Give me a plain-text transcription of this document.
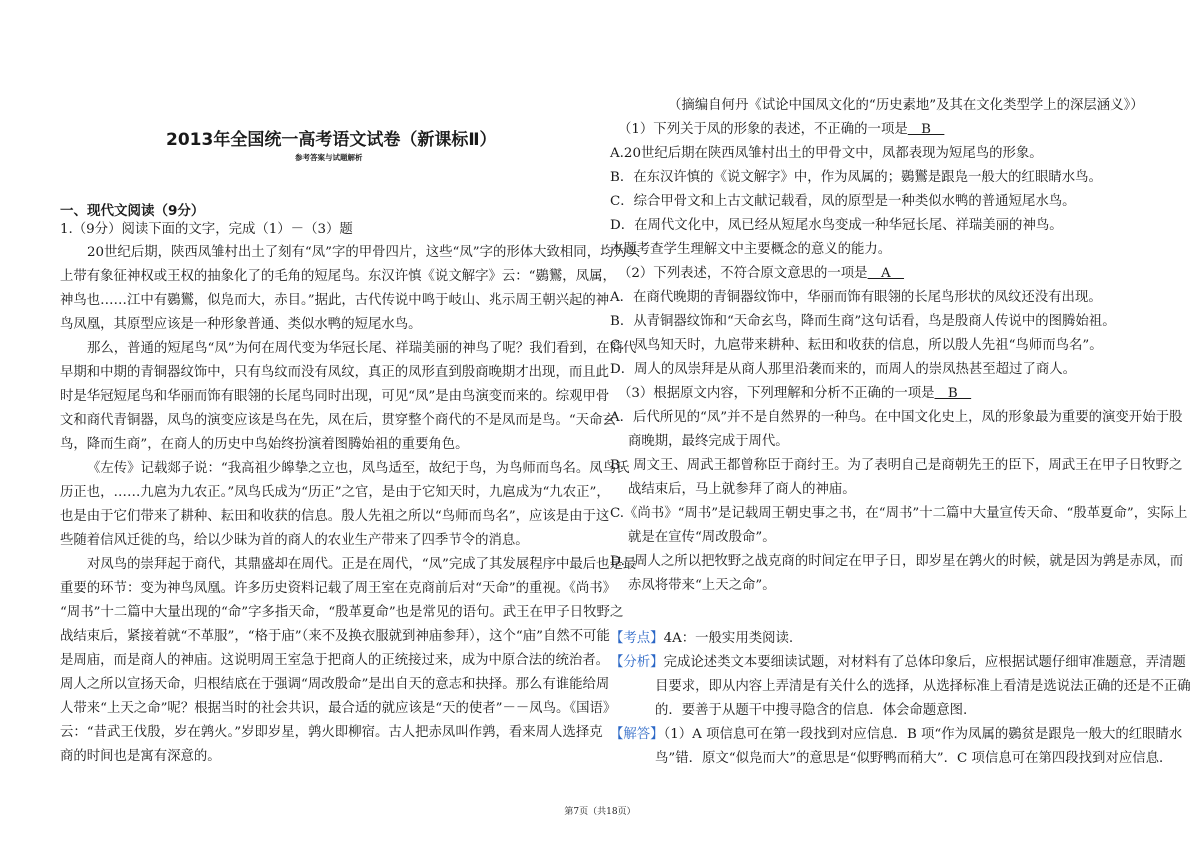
2013年全国统一高考语文试卷（新课标Ⅱ）
参考答案与试题解析
一、现代文阅读（9分）
1.（9分）阅读下面的文字，完成（1）－（3）题
20世纪后期，陕西凤雏村出土了刻有“凤”字的甲骨四片，这些“凤”字的形体大致相同，均为头
上带有象征神权或王权的抽象化了的毛角的短尾鸟。东汉许慎《说文解字》云：“鷃鸑，凤属，
神鸟也……江中有鷃鸑，似凫而大，赤目。”据此，古代传说中鸣于岐山、兆示周王朝兴起的神
鸟凤凰，其原型应该是一种形象普通、类似水鸭的短尾水鸟。
那么，普通的短尾鸟“凤”为何在周代变为华冠长尾、祥瑞美丽的神鸟了呢？我们看到，在商代
早期和中期的青铜器纹饰中，只有鸟纹而没有凤纹，真正的凤形直到殷商晚期才出现，而且此
时是华冠短尾鸟和华丽而饰有眼翎的长尾鸟同时出现，可见“凤”是由鸟演变而来的。综观甲骨
文和商代青铜器，凤鸟的演变应该是鸟在先，凤在后，贯穿整个商代的不是凤而是鸟。“天命玄
鸟，降而生商”，在商人的历史中鸟始终扮演着图腾始祖的重要角色。
《左传》记载郯子说：“我高祖少皞挚之立也，凤鸟适至，故纪于鸟，为鸟师而鸟名。凤鸟氏
历正也，……九扈为九农正。”凤鸟氏成为“历正”之官，是由于它知天时，九扈成为“九农正”，
也是由于它们带来了耕种、耘田和收获的信息。殷人先祖之所以“鸟师而鸟名”，应该是由于这
些随着信风迁徙的鸟，给以少昧为首的商人的农业生产带来了四季节令的消息。
对凤鸟的崇拜起于商代，其鼎盛却在周代。正是在周代，“凤”完成了其发展程序中最后也是最
重要的环节：变为神鸟凤凰。许多历史资料记载了周王室在克商前后对“天命”的重视。《尚书》
“周书”十二篇中大量出现的“命”字多指天命，“殷革夏命”也是常见的语句。武王在甲子日牧野之
战结束后，紧接着就“不革服”，“格于庙”（来不及换衣服就到神庙参拜），这个“庙”自然不可能
是周庙，而是商人的神庙。这说明周王室急于把商人的正统接过来，成为中原合法的统治者。
周人之所以宣扬天命，归根结底在于强调“周改殷命”是出自天的意志和抉择。那么有谁能给周
人带来“上天之命”呢？根据当时的社会共识，最合适的就应该是“天的使者”－－凤鸟。《国语》
云：“昔武王伐殷，岁在鹑火。”岁即岁星，鹑火即柳宿。古人把赤凤叫作鹑，看来周人选择克
商的时间也是寓有深意的。
（摘编自何丹《试论中国凤文化的“历史素地”及其在文化类型学上的深层涵义》）
（1）下列关于凤的形象的表述，不正确的一项是　B　
A.20世纪后期在陕西凤雏村出土的甲骨文中，凤都表现为短尾鸟的形象。
B．在东汉许慎的《说文解字》中，作为凤属的；鷃鸑是跟凫一般大的红眼睛水鸟。
C．综合甲骨文和上古文献记载看，凤的原型是一种类似水鸭的普通短尾水鸟。
D．在周代文化中，凤已经从短尾水鸟变成一种华冠长尾、祥瑞美丽的神鸟。
本题考查学生理解文中主要概念的意义的能力。
（2）下列表述，不符合原文意思的一项是　A　
A．在商代晚期的青铜器纹饰中，华丽而饰有眼翎的长尾鸟形状的凤纹还没有出现。
B．从青铜器纹饰和“天命玄鸟，降而生商”这句话看，鸟是殷商人传说中的图腾始祖。
C．凤鸟知天时，九扈带来耕种、耘田和收获的信息，所以殷人先祖“鸟师而鸟名”。
D．周人的凤崇拜是从商人那里沿袭而来的，而周人的崇凤热甚至超过了商人。
（3）根据原文内容，下列理解和分析不正确的一项是　B　
A．后代所见的“凤”并不是自然界的一种鸟。在中国文化史上，凤的形象最为重要的演变开始于股
商晚期，最终完成于周代。
B．周文王、周武王都曾称臣于商纣王。为了表明自己是商朝先王的臣下，周武王在甲子日牧野之
战结束后，马上就参拜了商人的神庙。
C.《尚书》“周书”是记载周王朝史事之书，在“周书”十二篇中大量宣传天命、“殷革夏命”，实际上
就是在宣传“周改殷命”。
D．周人之所以把牧野之战克商的时间定在甲子日，即岁星在鹑火的时候，就是因为鹑是赤凤，而
赤凤将带来“上天之命”。
【考点】4A：一般实用类阅读.
【分析】完成论述类文本要细读试题，对材料有了总体印象后，应根据试题仔细审准题意，弄清题
目要求，即从内容上弄清是有关什么的选择，从选择标准上看清是选说法正确的还是不正确
的．要善于从题干中搜寻隐含的信息．体会命题意图.
【解答】（1）A 项信息可在第一段找到对应信息．B 项“作为凤属的鷃贫是跟凫一般大的红眼睛水
鸟”错．原文“似凫而大”的意思是“似野鸭而稍大”．C 项信息可在第四段找到对应信息．
第7页（共18页）
